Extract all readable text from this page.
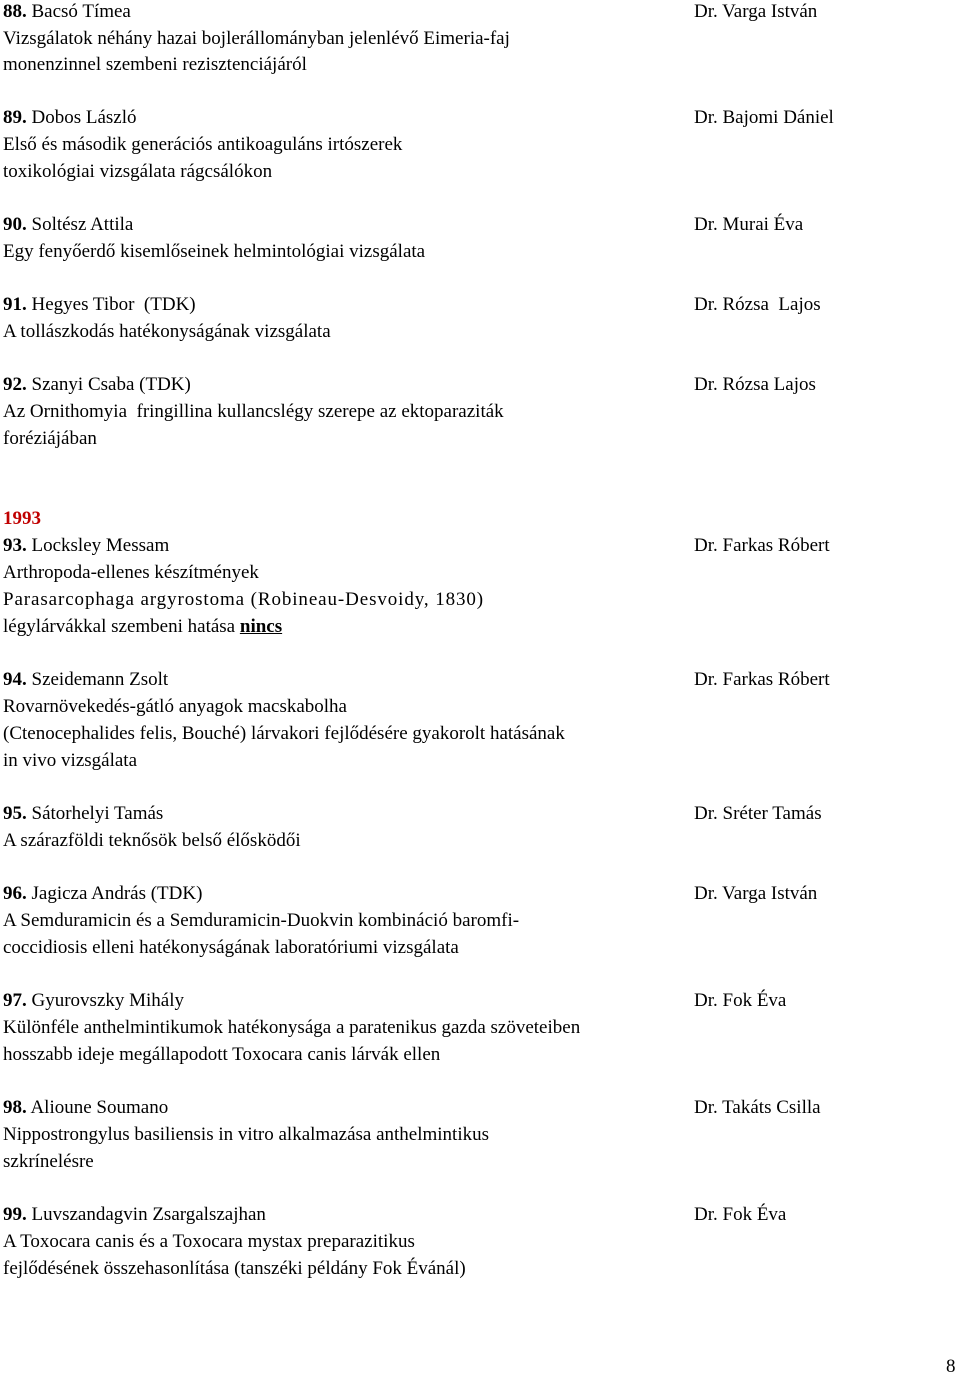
88. Bacsó Tímea	Dr. Varga István
Vizsgálatok néhány hazai bojlerállományban jelenlévő Eimeria-faj
monenzinnel szembeni rezisztenciájáról
89. Dobos László	Dr. Bajomi Dániel
Első és második generációs antikoaguláns irtószerek
toxikológiai vizsgálata rágcsálókon
90. Soltész Attila	Dr. Murai Éva
Egy fenyőerdő kisemlőseinek helmintológiai vizsgálata
91. Hegyes Tibor  (TDK)	Dr. Rózsa  Lajos
A tollászkodás hatékonyságának vizsgálata
92. Szanyi Csaba (TDK)	Dr. Rózsa Lajos
Az Ornithomyia  fringillina kullancslégy szerepe az ektoparaziták
foréziájában
1993
93. Locksley Messam	Dr. Farkas Róbert
Arthropoda-ellenes készítmények
Parasarcophaga argyrostoma (Robineau-Desvoidy, 1830)
légylárvákkal szembeni hatása nincs
94. Szeidemann Zsolt	Dr. Farkas Róbert
Rovarnövekedés-gátló anyagok macskabolha
(Ctenocephalides felis, Bouché) lárvakori fejlődésére gyakorolt hatásának
in vivo vizsgálata
95. Sátorhelyi Tamás	Dr. Sréter Tamás
A szárazföldi teknősök belső élősködői
96. Jagicza András (TDK)	Dr. Varga István
A Semduramicin és a Semduramicin-Duokvin kombináció baromfi-
coccidiosis elleni hatékonyságának laboratóriumi vizsgálata
97. Gyurovszky Mihály	Dr. Fok Éva
Különféle anthelmintikumok hatékonysága a paratenikus gazda szöveteiben
hosszabb ideje megállapodott Toxocara canis lárvák ellen
98. Alioune Soumano	Dr. Takáts Csilla
Nippostrongylus basiliensis in vitro alkalmazása anthelmintikus
szkrínelésre
99. Luvszandagvin Zsargalszajhan	Dr. Fok Éva
A Toxocara canis és a Toxocara mystax preparazitikus
fejlődésének összehasonlítása (tanszéki példány Fok Évánál)
8
